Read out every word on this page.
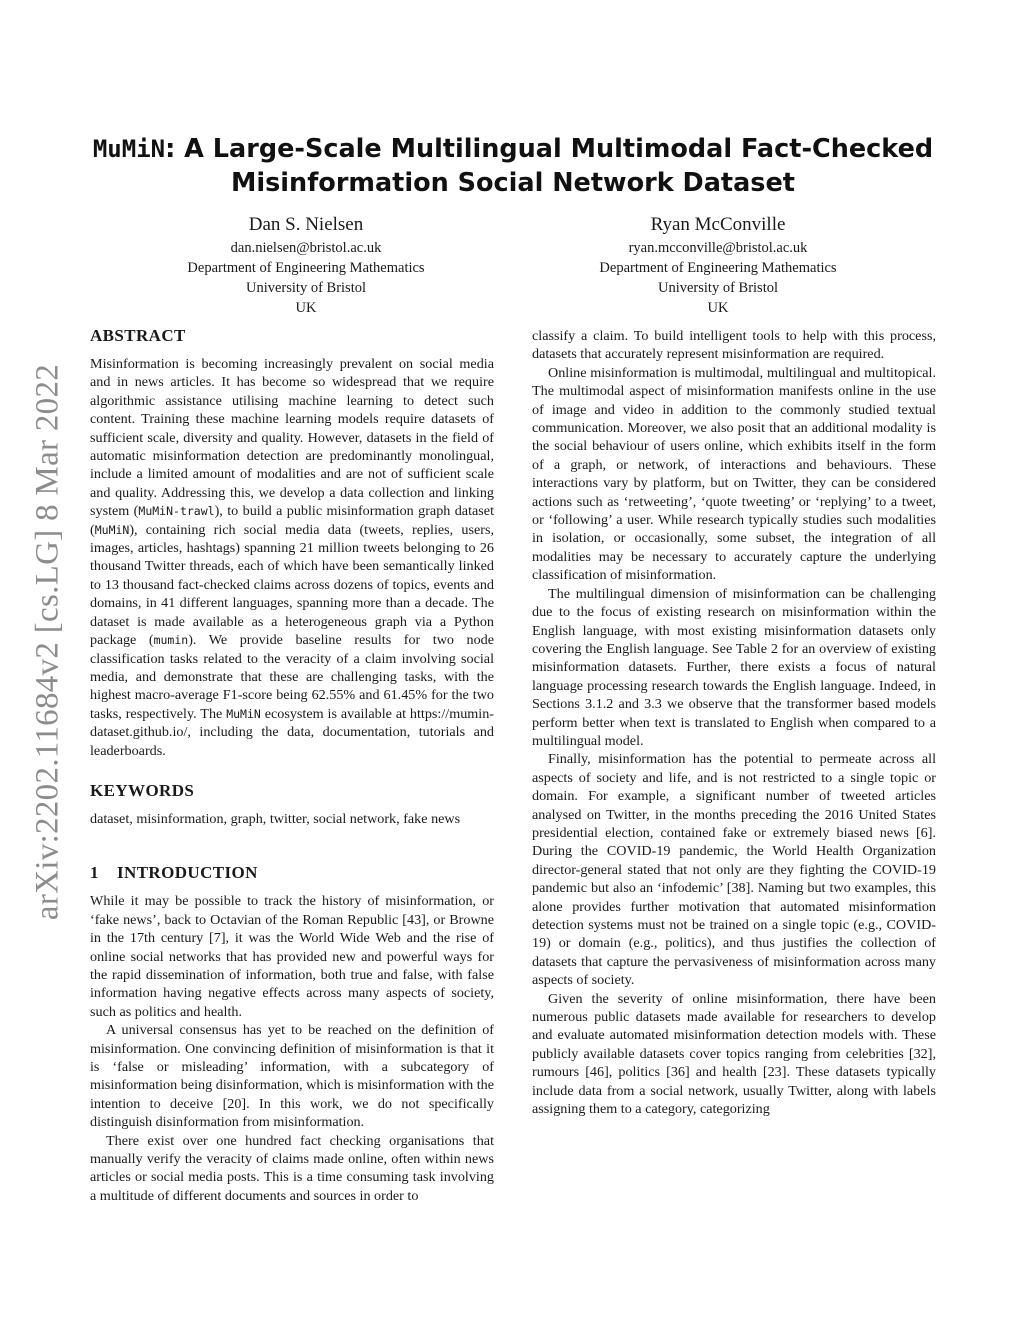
arXiv:2202.11684v2 [cs.LG] 8 Mar 2022
MuMiN: A Large-Scale Multilingual Multimodal Fact-Checked
Misinformation Social Network Dataset
Dan S. Nielsen
dan.nielsen@bristol.ac.uk
Department of Engineering Mathematics
University of Bristol
UK
Ryan McConville
ryan.mcconville@bristol.ac.uk
Department of Engineering Mathematics
University of Bristol
UK
ABSTRACT

Misinformation is becoming increasingly prevalent on social media and in news articles. It has become so widespread that we require algorithmic assistance utilising machine learning to detect such content. Training these machine learning models require datasets of sufficient scale, diversity and quality. However, datasets in the field of automatic misinformation detection are predominantly monolingual, include a limited amount of modalities and are not of sufficient scale and quality. Addressing this, we develop a data collection and linking system (MuMiN-trawl), to build a public misinformation graph dataset (MuMiN), containing rich social media data (tweets, replies, users, images, articles, hashtags) spanning 21 million tweets belonging to 26 thousand Twitter threads, each of which have been semantically linked to 13 thousand fact-checked claims across dozens of topics, events and domains, in 41 different languages, spanning more than a decade. The dataset is made available as a heterogeneous graph via a Python package (mumin). We provide baseline results for two node classification tasks related to the veracity of a claim involving social media, and demonstrate that these are challenging tasks, with the highest macro-average F1-score being 62.55% and 61.45% for the two tasks, respectively. The MuMiN ecosystem is available at https://mumin-dataset.github.io/, including the data, documentation, tutorials and leaderboards.

KEYWORDS

dataset, misinformation, graph, twitter, social network, fake news

1 INTRODUCTION

While it may be possible to track the history of misinformation, or ‘fake news’, back to Octavian of the Roman Republic [43], or Browne in the 17th century [7], it was the World Wide Web and the rise of online social networks that has provided new and powerful ways for the rapid dissemination of information, both true and false, with false information having negative effects across many aspects of society, such as politics and health.

A universal consensus has yet to be reached on the definition of misinformation. One convincing definition of misinformation is that it is ‘false or misleading’ information, with a subcategory of misinformation being disinformation, which is misinformation with the intention to deceive [20]. In this work, we do not specifically distinguish disinformation from misinformation.

There exist over one hundred fact checking organisations that manually verify the veracity of claims made online, often within news articles or social media posts. This is a time consuming task involving a multitude of different documents and sources in order to

classify a claim. To build intelligent tools to help with this process, datasets that accurately represent misinformation are required.

Online misinformation is multimodal, multilingual and multitopical. The multimodal aspect of misinformation manifests online in the use of image and video in addition to the commonly studied textual communication. Moreover, we also posit that an additional modality is the social behaviour of users online, which exhibits itself in the form of a graph, or network, of interactions and behaviours. These interactions vary by platform, but on Twitter, they can be considered actions such as ‘retweeting’, ‘quote tweeting’ or ‘replying’ to a tweet, or ‘following’ a user. While research typically studies such modalities in isolation, or occasionally, some subset, the integration of all modalities may be necessary to accurately capture the underlying classification of misinformation.

The multilingual dimension of misinformation can be challenging due to the focus of existing research on misinformation within the English language, with most existing misinformation datasets only covering the English language. See Table 2 for an overview of existing misinformation datasets. Further, there exists a focus of natural language processing research towards the English language. Indeed, in Sections 3.1.2 and 3.3 we observe that the transformer based models perform better when text is translated to English when compared to a multilingual model.

Finally, misinformation has the potential to permeate across all aspects of society and life, and is not restricted to a single topic or domain. For example, a significant number of tweeted articles analysed on Twitter, in the months preceding the 2016 United States presidential election, contained fake or extremely biased news [6]. During the COVID-19 pandemic, the World Health Organization director-general stated that not only are they fighting the COVID-19 pandemic but also an ‘infodemic’ [38]. Naming but two examples, this alone provides further motivation that automated misinformation detection systems must not be trained on a single topic (e.g., COVID-19) or domain (e.g., politics), and thus justifies the collection of datasets that capture the pervasiveness of misinformation across many aspects of society.

Given the severity of online misinformation, there have been numerous public datasets made available for researchers to develop and evaluate automated misinformation detection models with. These publicly available datasets cover topics ranging from celebrities [32], rumours [46], politics [36] and health [23]. These datasets typically include data from a social network, usually Twitter, along with labels assigning them to a category, categorizing
